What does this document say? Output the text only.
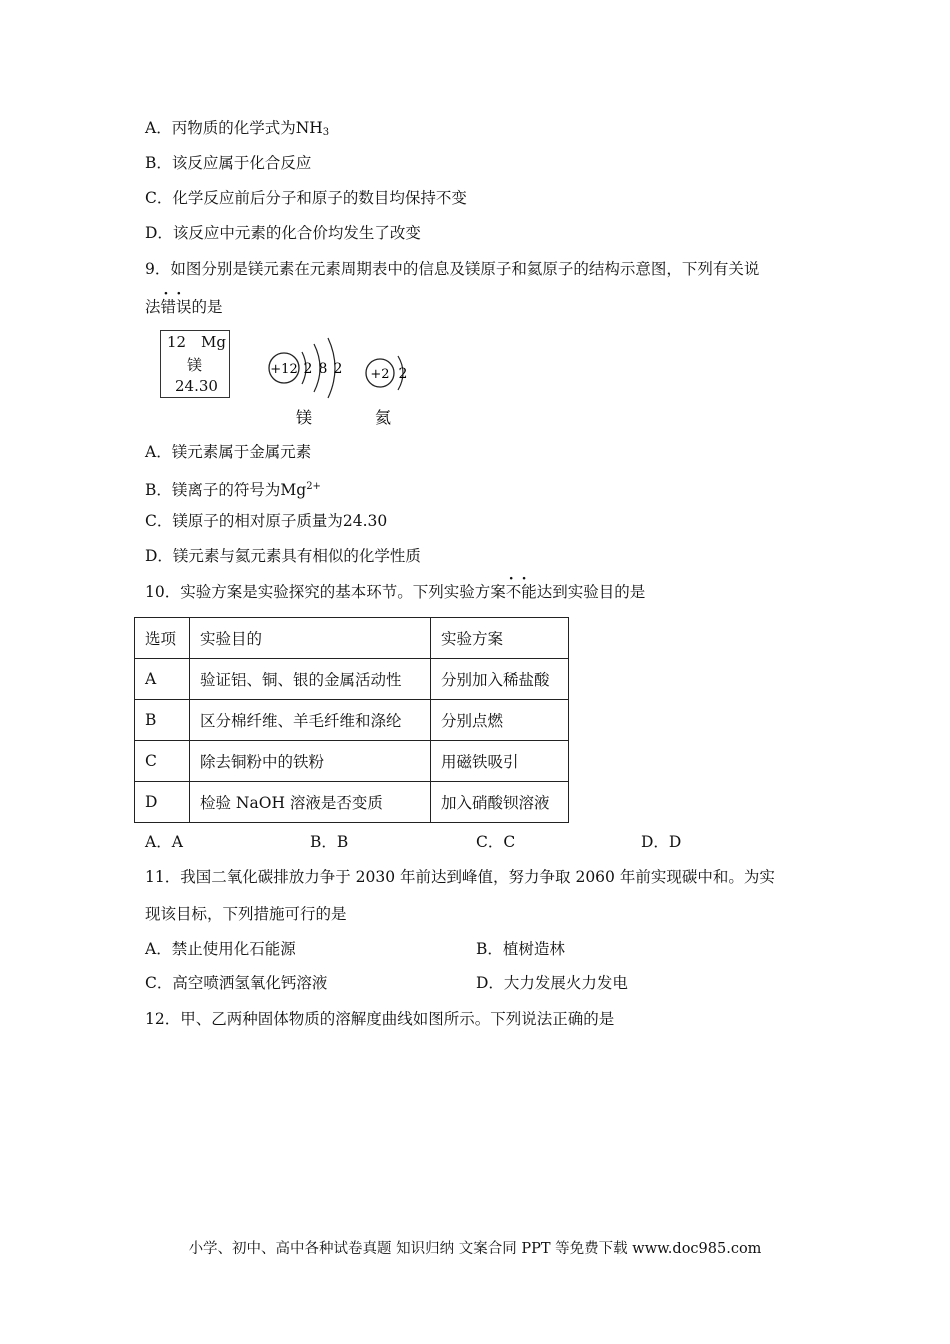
A．丙物质的化学式为$NH_3$
B．该反应属于化合反应
C．化学反应前后分子和原子的数目均保持不变
D．该反应中元素的化合价均发生了改变
9．如图分别是镁元素在元素周期表中的信息及镁原子和氦原子的结构示意图，下列有关说
法错误
··
的是
12 Mg
镁
24.30
+12 2 8 2
镁
+2 2
氦
A．镁元素属于金属元素
B．镁离子的符号为$Mg^{2+}$
C．镁原子的相对原子质量为24.30
D．镁元素与氦元素具有相似的化学性质
10．实验方案是实验探究的基本环节。下列实验方案不能
··
达到实验目的是
选项	实验目的	实验方案
A	验证铝、铜、银的金属活动性	分别加入稀盐酸
B	区分棉纤维、羊毛纤维和涤纶	分别点燃
C	除去铜粉中的铁粉	用磁铁吸引
D	检验 NaOH 溶液是否变质	加入硝酸钡溶液
A．A	B．B	C．C	D．D
11．我国二氧化碳排放力争于 2030 年前达到峰值，努力争取 2060 年前实现碳中和。为实
现该目标，下列措施可行的是
A．禁止使用化石能源	B．植树造林
C．高空喷洒氢氧化钙溶液	D．大力发展火力发电
12．甲、乙两种固体物质的溶解度曲线如图所示。下列说法正确的是
小学、初中、高中各种试卷真题 知识归纳 文案合同 PPT 等免费下载 www.doc985.com
